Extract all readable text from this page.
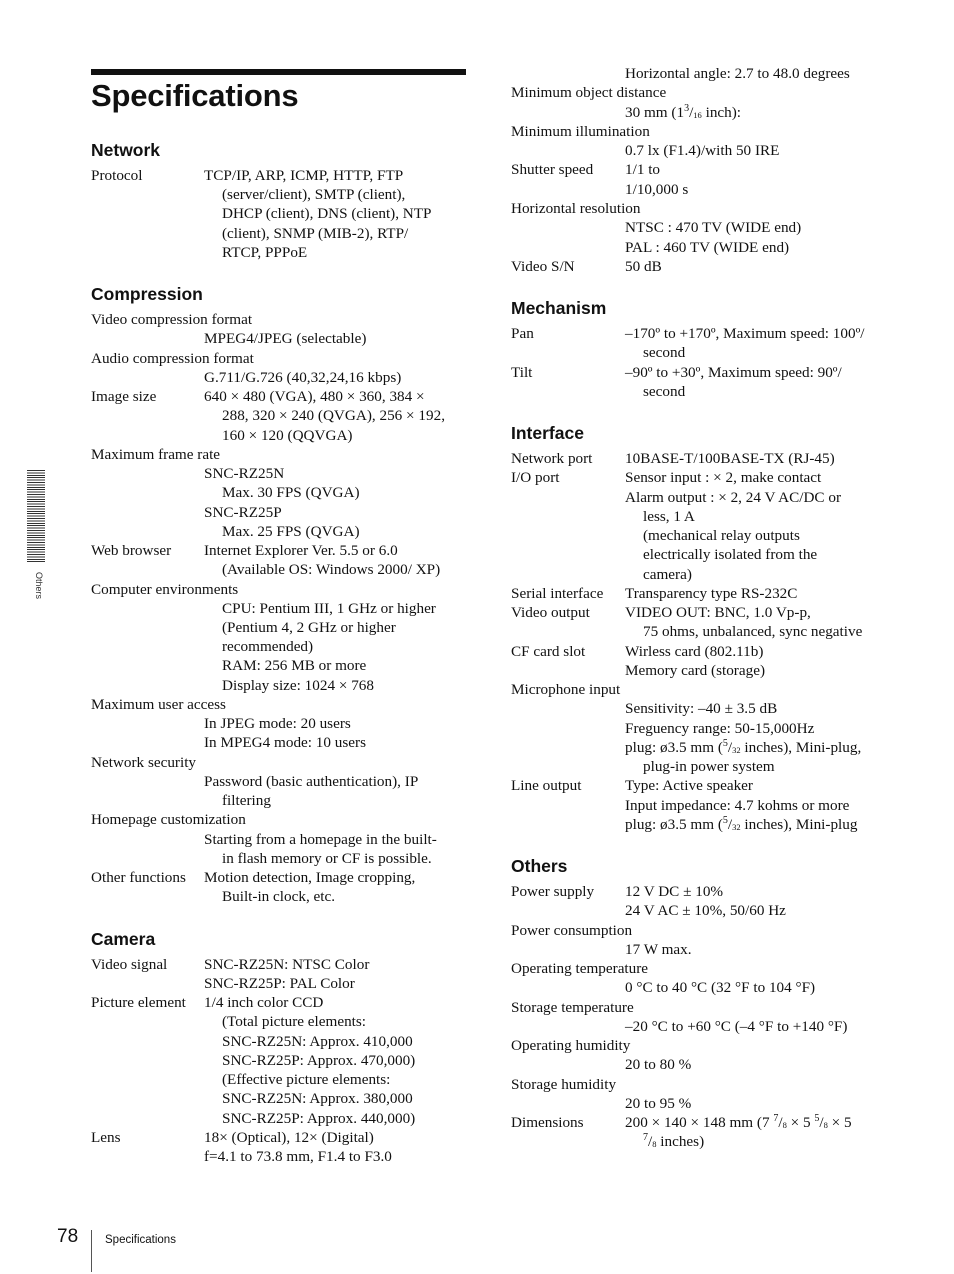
Specifications
Others
Network
Protocol	TCP/IP, ARP, ICMP, HTTP, FTP
(server/client), SMTP (client),
DHCP (client), DNS (client), NTP
(client), SNMP (MIB-2), RTP/
RTCP, PPPoE
Compression
Video compression format
MPEG4/JPEG (selectable)
Audio compression format
G.711/G.726 (40,32,24,16 kbps)
Image size	640 × 480 (VGA), 480 × 360, 384 ×
288, 320 × 240 (QVGA), 256 × 192,
160 × 120 (QQVGA)
Maximum frame rate
SNC-RZ25N
Max. 30 FPS (QVGA)
SNC-RZ25P
Max. 25 FPS (QVGA)
Web browser Internet Explorer Ver. 5.5 or 6.0
(Available OS: Windows 2000/ XP)
Computer environments
CPU: Pentium III, 1 GHz or higher
(Pentium 4, 2 GHz or higher
recommended)
RAM: 256 MB or more
Display size: 1024 × 768
Maximum user access
In JPEG mode: 20 users
In MPEG4 mode: 10 users
Network security
Password (basic authentication), IP
filtering
Homepage customization
Starting from a homepage in the built-
in flash memory or CF is possible.
Other functions Motion detection, Image cropping,
Built-in clock, etc.
Camera
Video signal SNC-RZ25N: NTSC Color
SNC-RZ25P: PAL Color
Picture element 1/4 inch color CCD
(Total picture elements:
SNC-RZ25N: Approx. 410,000
SNC-RZ25P: Approx. 470,000)
(Effective picture elements:
SNC-RZ25N: Approx. 380,000
SNC-RZ25P: Approx. 440,000)
Lens	18× (Optical), 12× (Digital)
f=4.1 to 73.8 mm, F1.4 to F3.0
Horizontal angle: 2.7 to 48.0 degrees
Minimum object distance
30 mm ($1^3/_{16}$ inch):
Minimum illumination
0.7 lx (F1.4)/with 50 IRE
Shutter speed 1/1 to
1/10,000 s
Horizontal resolution
NTSC : 470 TV (WIDE end)
PAL : 460 TV (WIDE end)
Video S/N	50 dB
Mechanism
Pan	–170º to +170º, Maximum speed: 100º/
second
Tilt	–90º to +30º, Maximum speed: 90º/
second
Interface
Network port 10BASE-T/100BASE-TX (RJ-45)
I/O port	Sensor input : × 2, make contact
Alarm output : × 2, 24 V AC/DC or
less, 1 A
(mechanical relay outputs
electrically isolated from the
camera)
Serial interface Transparency type RS-232C
Video output VIDEO OUT: BNC, 1.0 Vp-p,
75 ohms, unbalanced, sync negative
CF card slot	Wirless card (802.11b)
Memory card (storage)
Microphone input
Sensitivity: –40 ± 3.5 dB
Freguency range: 50-15,000Hz
plug: ø3.5 mm ($^5/_{32}$ inches), Mini-plug,
plug-in power system
Line output	Type: Active speaker
Input impedance: 4.7 kohms or more
plug: ø3.5 mm ($^5/_{32}$ inches), Mini-plug
Others
Power supply 12 V DC ± 10%
24 V AC ± 10%, 50/60 Hz
Power consumption
17 W max.
Operating temperature
0 °C to 40 °C (32 °F to 104 °F)
Storage temperature
–20 °C to +60 °C (–4 °F to +140 °F)
Operating humidity
20 to 80 %
Storage humidity
20 to 95 %
Dimensions	200 × 140 × 148 mm (7 $^7/_8 \times 5$ $^5/_8 \times 5$
$^7/_8$ inches)
78 Specifications
